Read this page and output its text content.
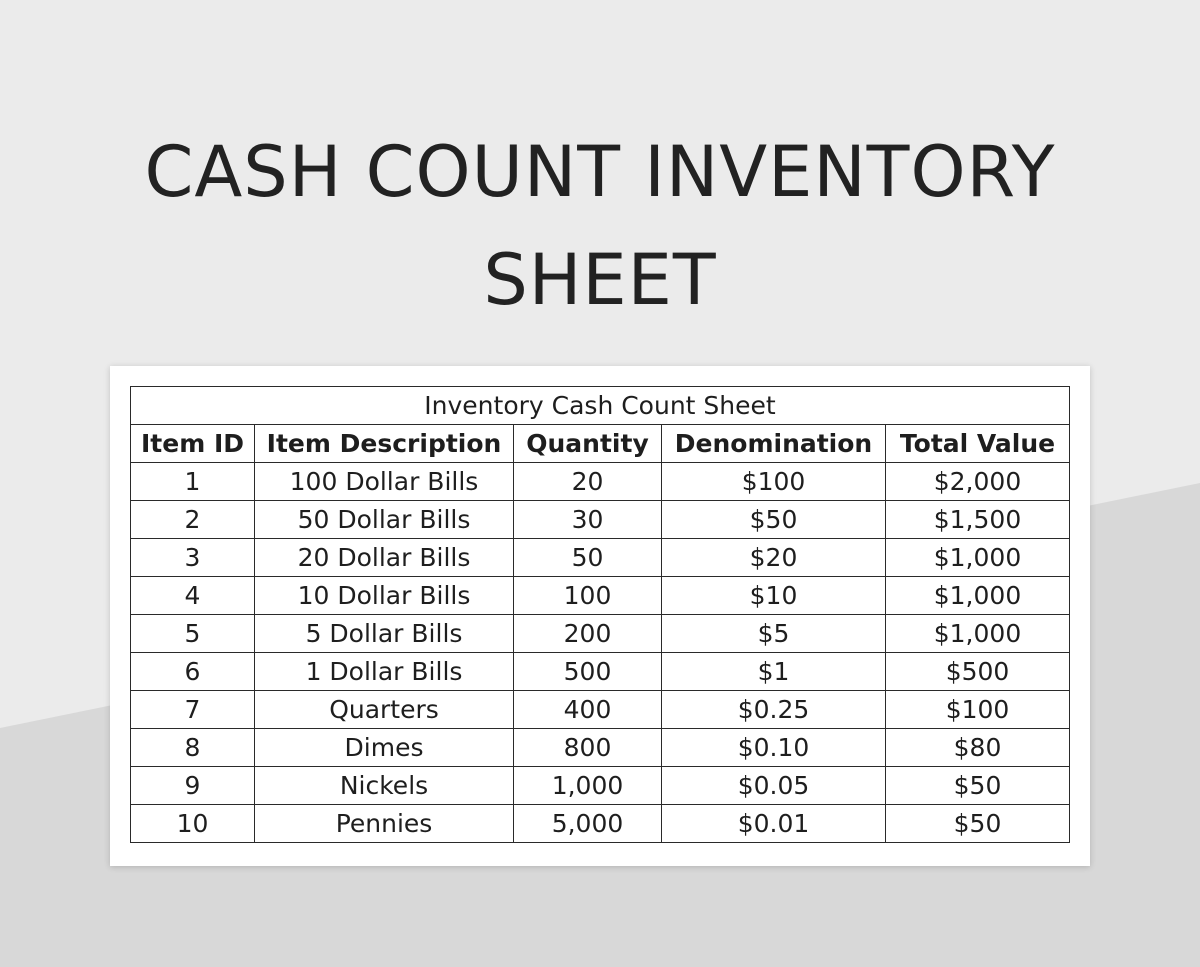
CASH COUNT INVENTORY
SHEET
Inventory Cash Count Sheet				
Item ID	Item Description	Quantity	Denomination	Total Value
1	100 Dollar Bills	20	$100	$2,000
2	50 Dollar Bills	30	$50	$1,500
3	20 Dollar Bills	50	$20	$1,000
4	10 Dollar Bills	100	$10	$1,000
5	5 Dollar Bills	200	$5	$1,000
6	1 Dollar Bills	500	$1	$500
7	Quarters	400	$0.25	$100
8	Dimes	800	$0.10	$80
9	Nickels	1,000	$0.05	$50
10	Pennies	5,000	$0.01	$50
